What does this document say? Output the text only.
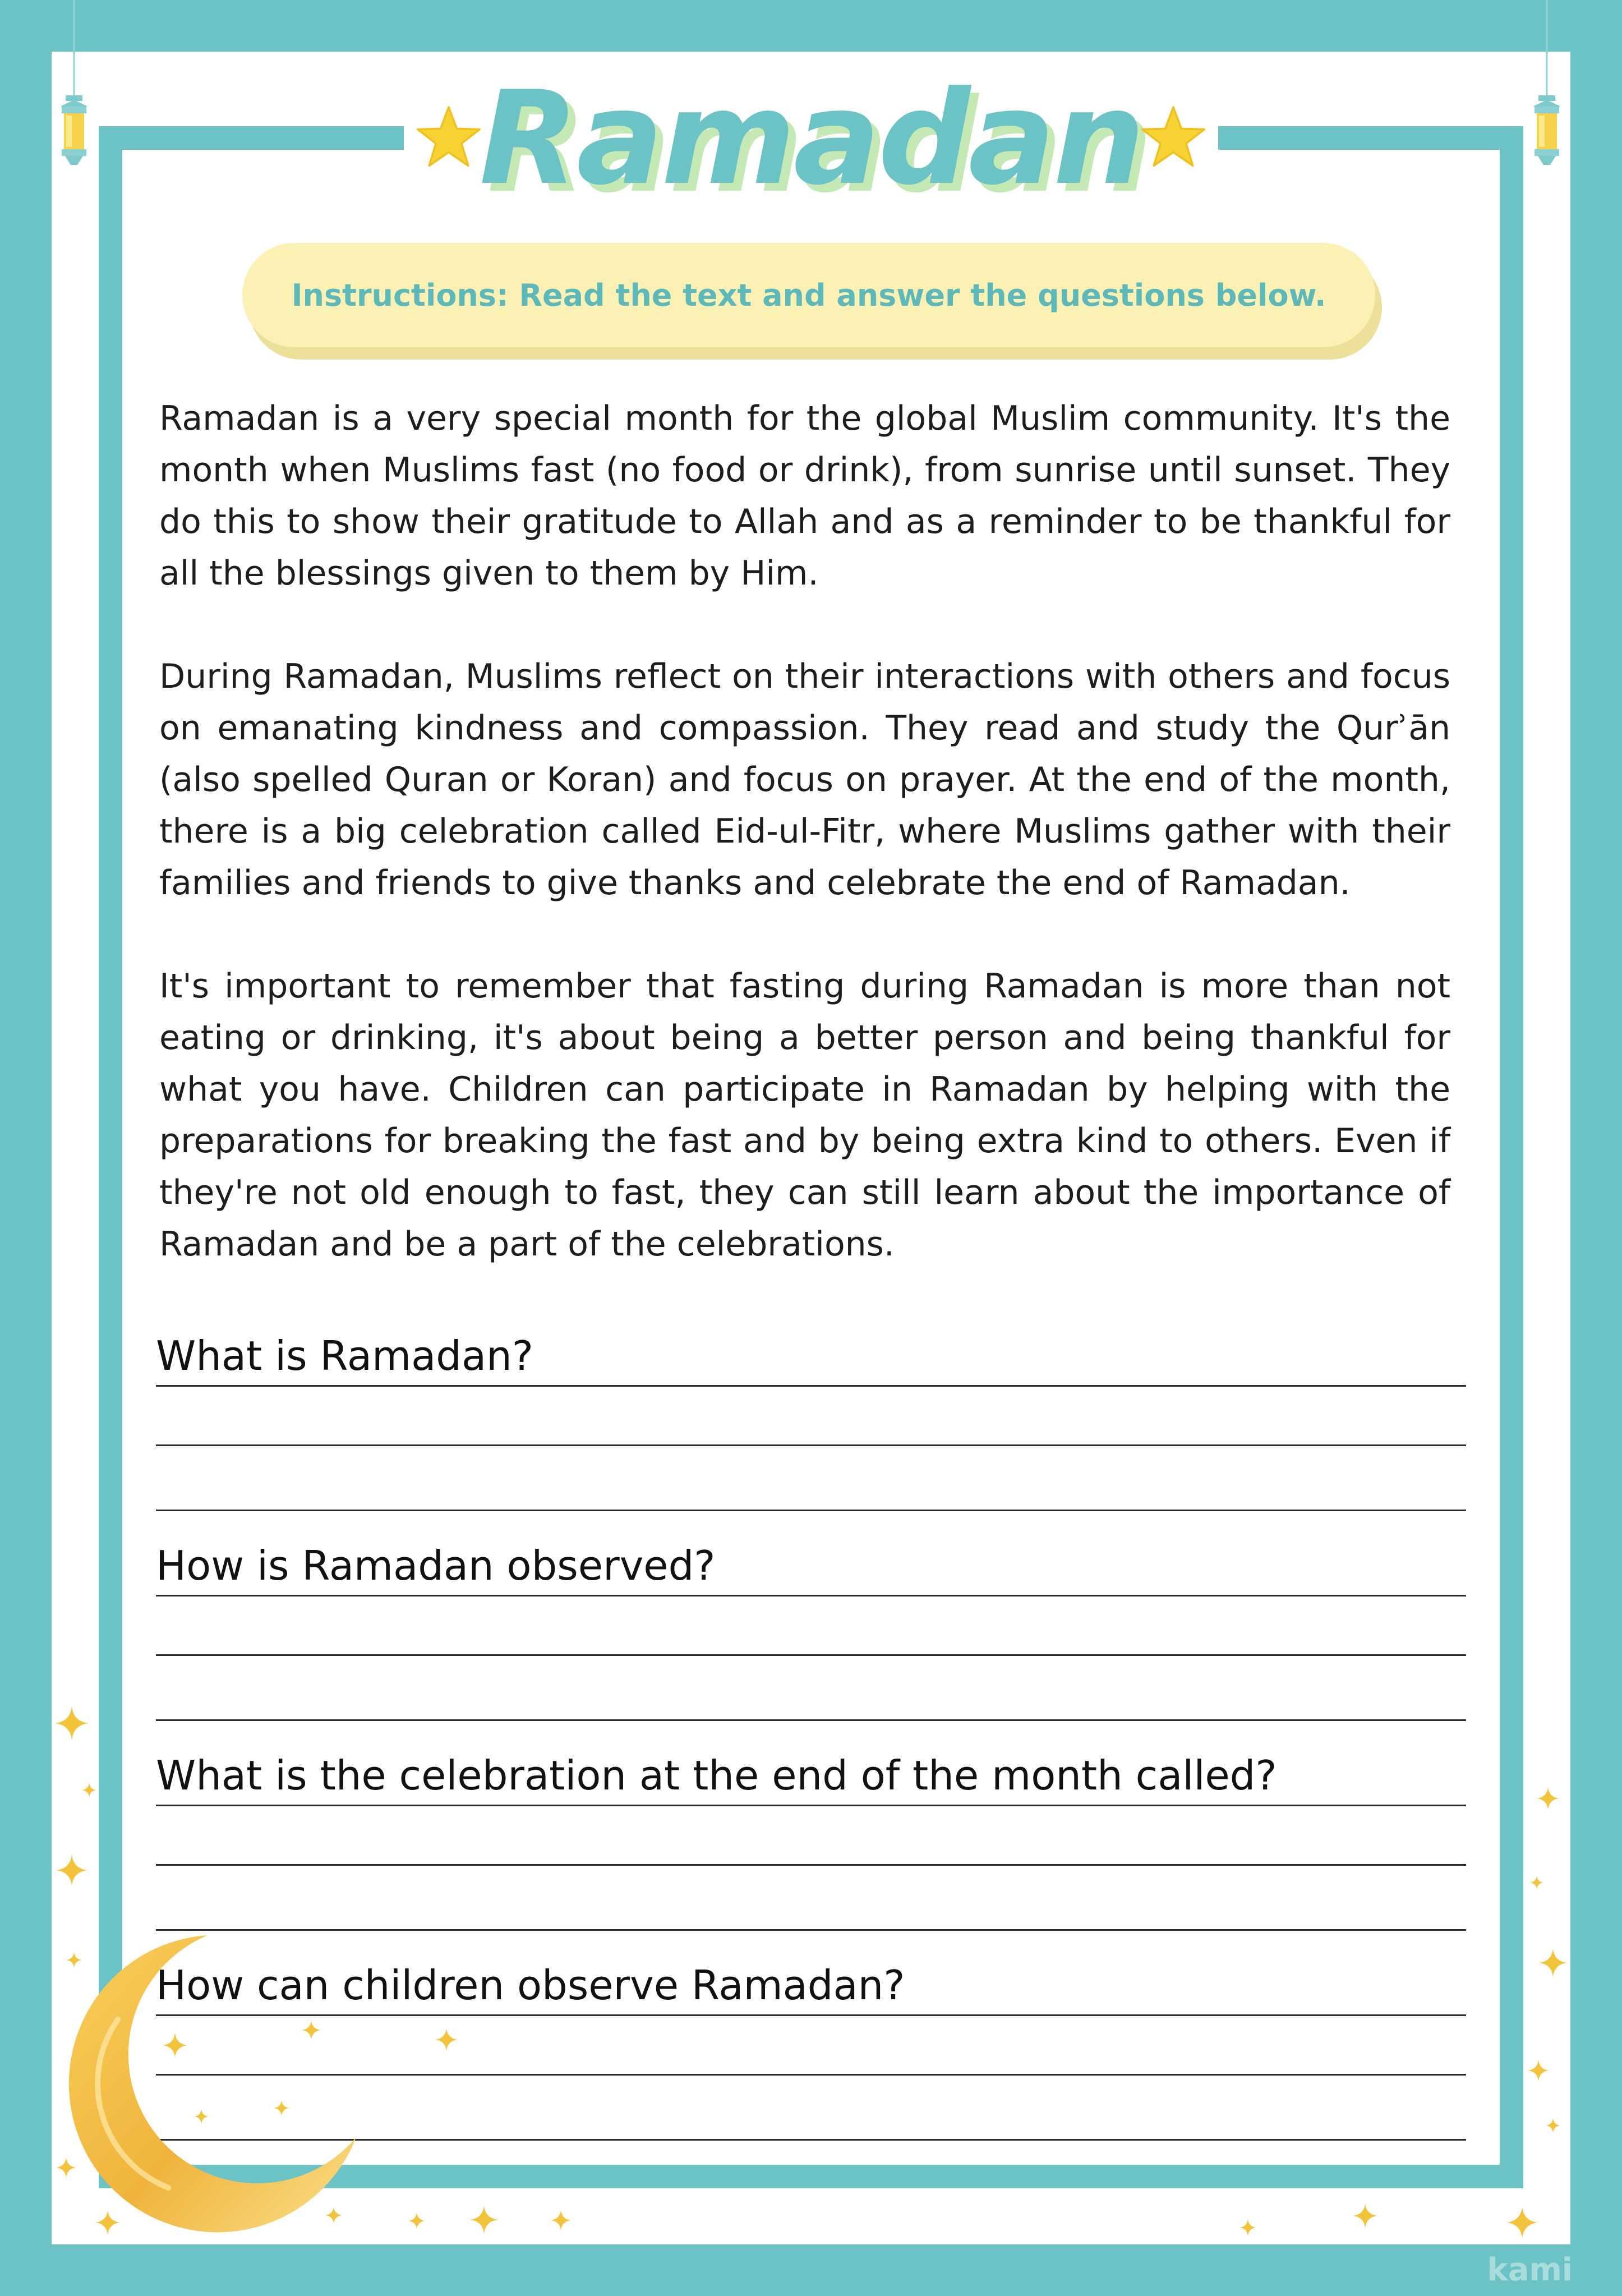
Ramadan
Instructions: Read the text and answer the questions below.

Ramadan is a very special month for the global Muslim community. It's the month when Muslims fast (no food or drink), from sunrise until sunset. They do this to show their gratitude to Allah and as a reminder to be thankful for all the blessings given to them by Him.

During Ramadan, Muslims reflect on their interactions with others and focus on emanating kindness and compassion. They read and study the Qurʾān (also spelled Quran or Koran) and focus on prayer. At the end of the month, there is a big celebration called Eid-ul-Fitr, where Muslims gather with their families and friends to give thanks and celebrate the end of Ramadan.

It's important to remember that fasting during Ramadan is more than not eating or drinking, it's about being a better person and being thankful for what you have. Children can participate in Ramadan by helping with the preparations for breaking the fast and by being extra kind to others. Even if they're not old enough to fast, they can still learn about the importance of Ramadan and be a part of the celebrations.

What is Ramadan?
How is Ramadan observed?
What is the celebration at the end of the month called?
How can children observe Ramadan?
kami
